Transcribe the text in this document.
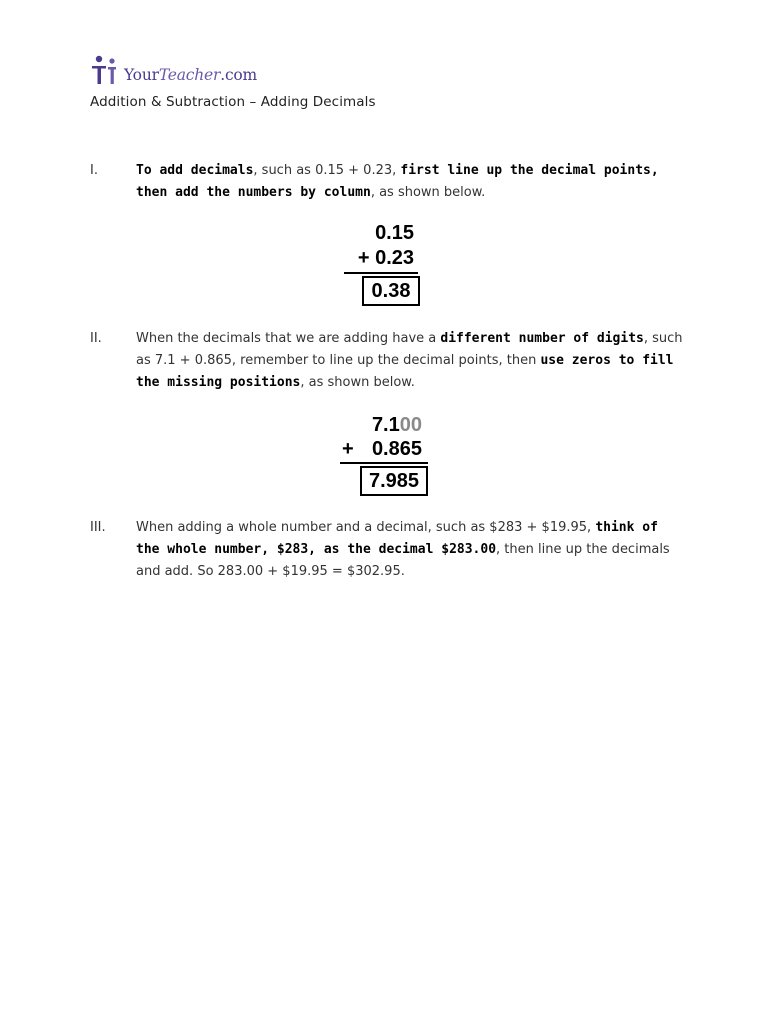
YourTeacher.com
Addition & Subtraction – Adding Decimals
I.	To add decimals, such as 0.15 + 0.23, first line up the decimal points, then add the numbers by column, as shown below.
0.15
+ 0.23
0.38
II.	When the decimals that we are adding have a different number of digits, such as 7.1 + 0.865, remember to line up the decimal points, then use zeros to fill the missing positions, as shown below.
7.100
+ 0.865
7.985
III. When adding a whole number and a decimal, such as $283 + $19.95, think of the whole number, $283, as the decimal $283.00, then line up the decimals and add. So 283.00 + $19.95 = $302.95.
